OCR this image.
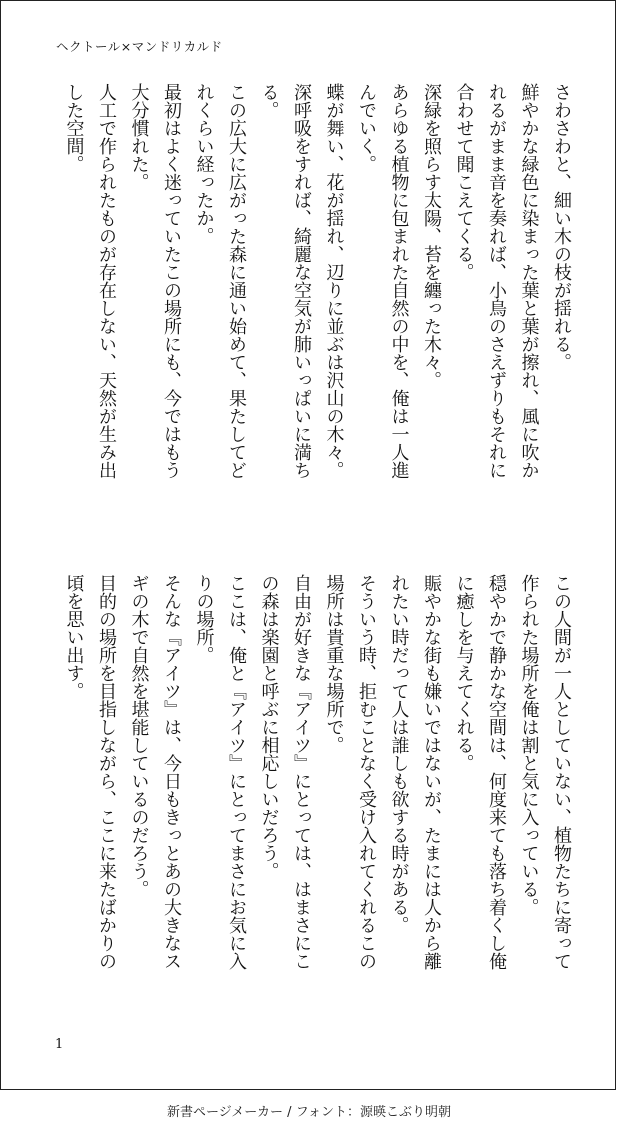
ヘクトール×マンドリカルド
さわさわと、細い木の枝が揺れる。
鮮やかな緑色に染まった葉と葉が擦れ、風に吹か
れるがまま音を奏れば、小鳥のさえずりもそれに
合わせて聞こえてくる。
深緑を照らす太陽、苔を纏った木々。
あらゆる植物に包まれた自然の中を、俺は一人進
んでいく。
蝶が舞い、花が揺れ、辺りに並ぶは沢山の木々。
深呼吸をすれば、綺麗な空気が肺いっぱいに満ち
る。
この広大に広がった森に通い始めて、果たしてど
れくらい経ったか。
最初はよく迷っていたこの場所にも、今ではもう
大分慣れた。
人工で作られたものが存在しない、天然が生み出
した空間。
この人間が一人としていない、植物たちに寄って
作られた場所を俺は割と気に入っている。
穏やかで静かな空間は、何度来ても落ち着くし俺
に癒しを与えてくれる。
賑やかな街も嫌いではないが、たまには人から離
れたい時だって人は誰しも欲する時がある。
そういう時、拒むことなく受け入れてくれるこの
場所は貴重な場所で。
自由が好きな『アイツ』にとっては、はまさにこ
の森は楽園と呼ぶに相応しいだろう。
ここは、俺と『アイツ』にとってまさにお気に入
りの場所。
そんな『アイツ』は、今日もきっとあの大きなス
ギの木で自然を堪能しているのだろう。
目的の場所を目指しながら、ここに来たばかりの
頃を思い出す。
1
新書ページメーカー / フォント：源暎こぶり明朝
